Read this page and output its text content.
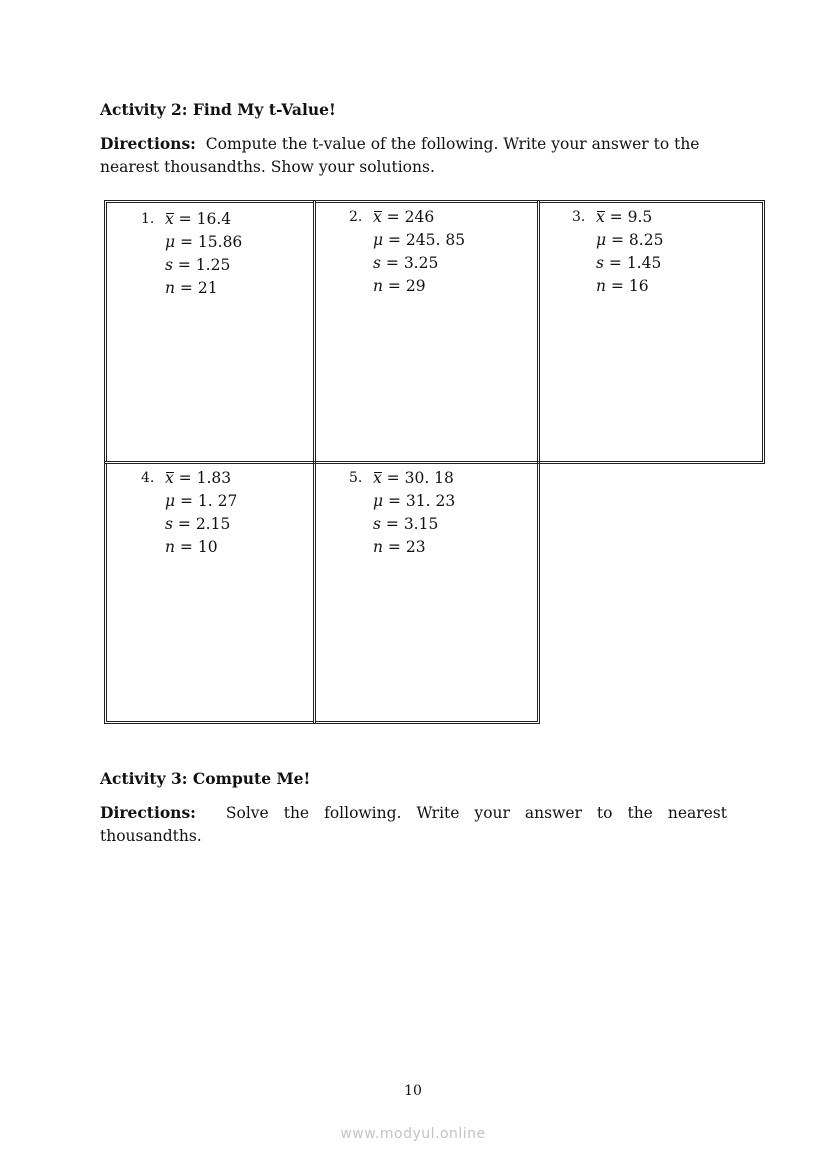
Activity 2: Find My t-Value!

Directions: Compute the t-value of the following. Write your answer to the nearest thousandths. Show your solutions.

1. x = 16.4
μ = 15.86
s = 1.25
n = 21
2. x = 246
μ = 245. 85
s = 3.25
n = 29
3. x = 9.5
μ = 8.25
s = 1.45
n = 16
4. x = 1.83
μ = 1. 27
s = 2.15
n = 10
5. x = 30. 18
μ = 31. 23
s = 3.15
n = 23
Activity 3: Compute Me!

Directions: Solve the following. Write your answer to the nearest thousandths.

10

www.modyul.online
